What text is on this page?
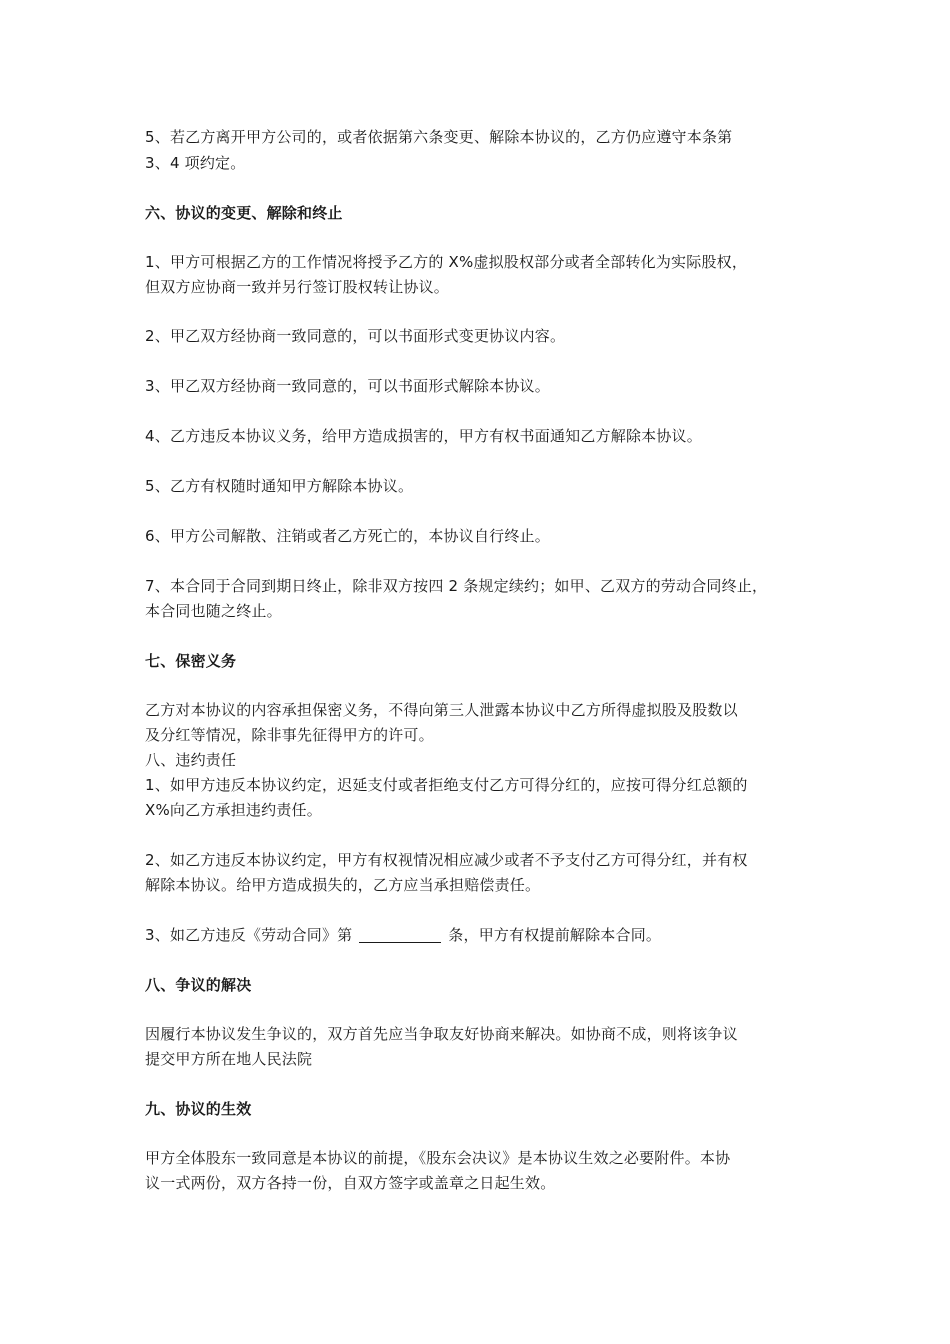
5、若乙方离开甲方公司的，或者依据第六条变更、解除本协议的，乙方仍应遵守本条第
3、4 项约定。
六、协议的变更、解除和终止
1、甲方可根据乙方的工作情况将授予乙方的 X%虚拟股权部分或者全部转化为实际股权，
但双方应协商一致并另行签订股权转让协议。
2、甲乙双方经协商一致同意的，可以书面形式变更协议内容。
3、甲乙双方经协商一致同意的，可以书面形式解除本协议。
4、乙方违反本协议义务，给甲方造成损害的，甲方有权书面通知乙方解除本协议。
5、乙方有权随时通知甲方解除本协议。
6、甲方公司解散、注销或者乙方死亡的，本协议自行终止。
7、本合同于合同到期日终止，除非双方按四 2 条规定续约；如甲、乙双方的劳动合同终止，
本合同也随之终止。
七、保密义务
乙方对本协议的内容承担保密义务，不得向第三人泄露本协议中乙方所得虚拟股及股数以
及分红等情况，除非事先征得甲方的许可。
八、违约责任
1、如甲方违反本协议约定，迟延支付或者拒绝支付乙方可得分红的，应按可得分红总额的
X%向乙方承担违约责任。
2、如乙方违反本协议约定，甲方有权视情况相应减少或者不予支付乙方可得分红，并有权
解除本协议。给甲方造成损失的，乙方应当承担赔偿责任。
3、如乙方违反《劳动合同》第	条，甲方有权提前解除本合同。
八、争议的解决
因履行本协议发生争议的，双方首先应当争取友好协商来解决。如协商不成，则将该争议
提交甲方所在地人民法院
九、协议的生效
甲方全体股东一致同意是本协议的前提，《股东会决议》是本协议生效之必要附件。本协
议一式两份，双方各持一份，自双方签字或盖章之日起生效。
